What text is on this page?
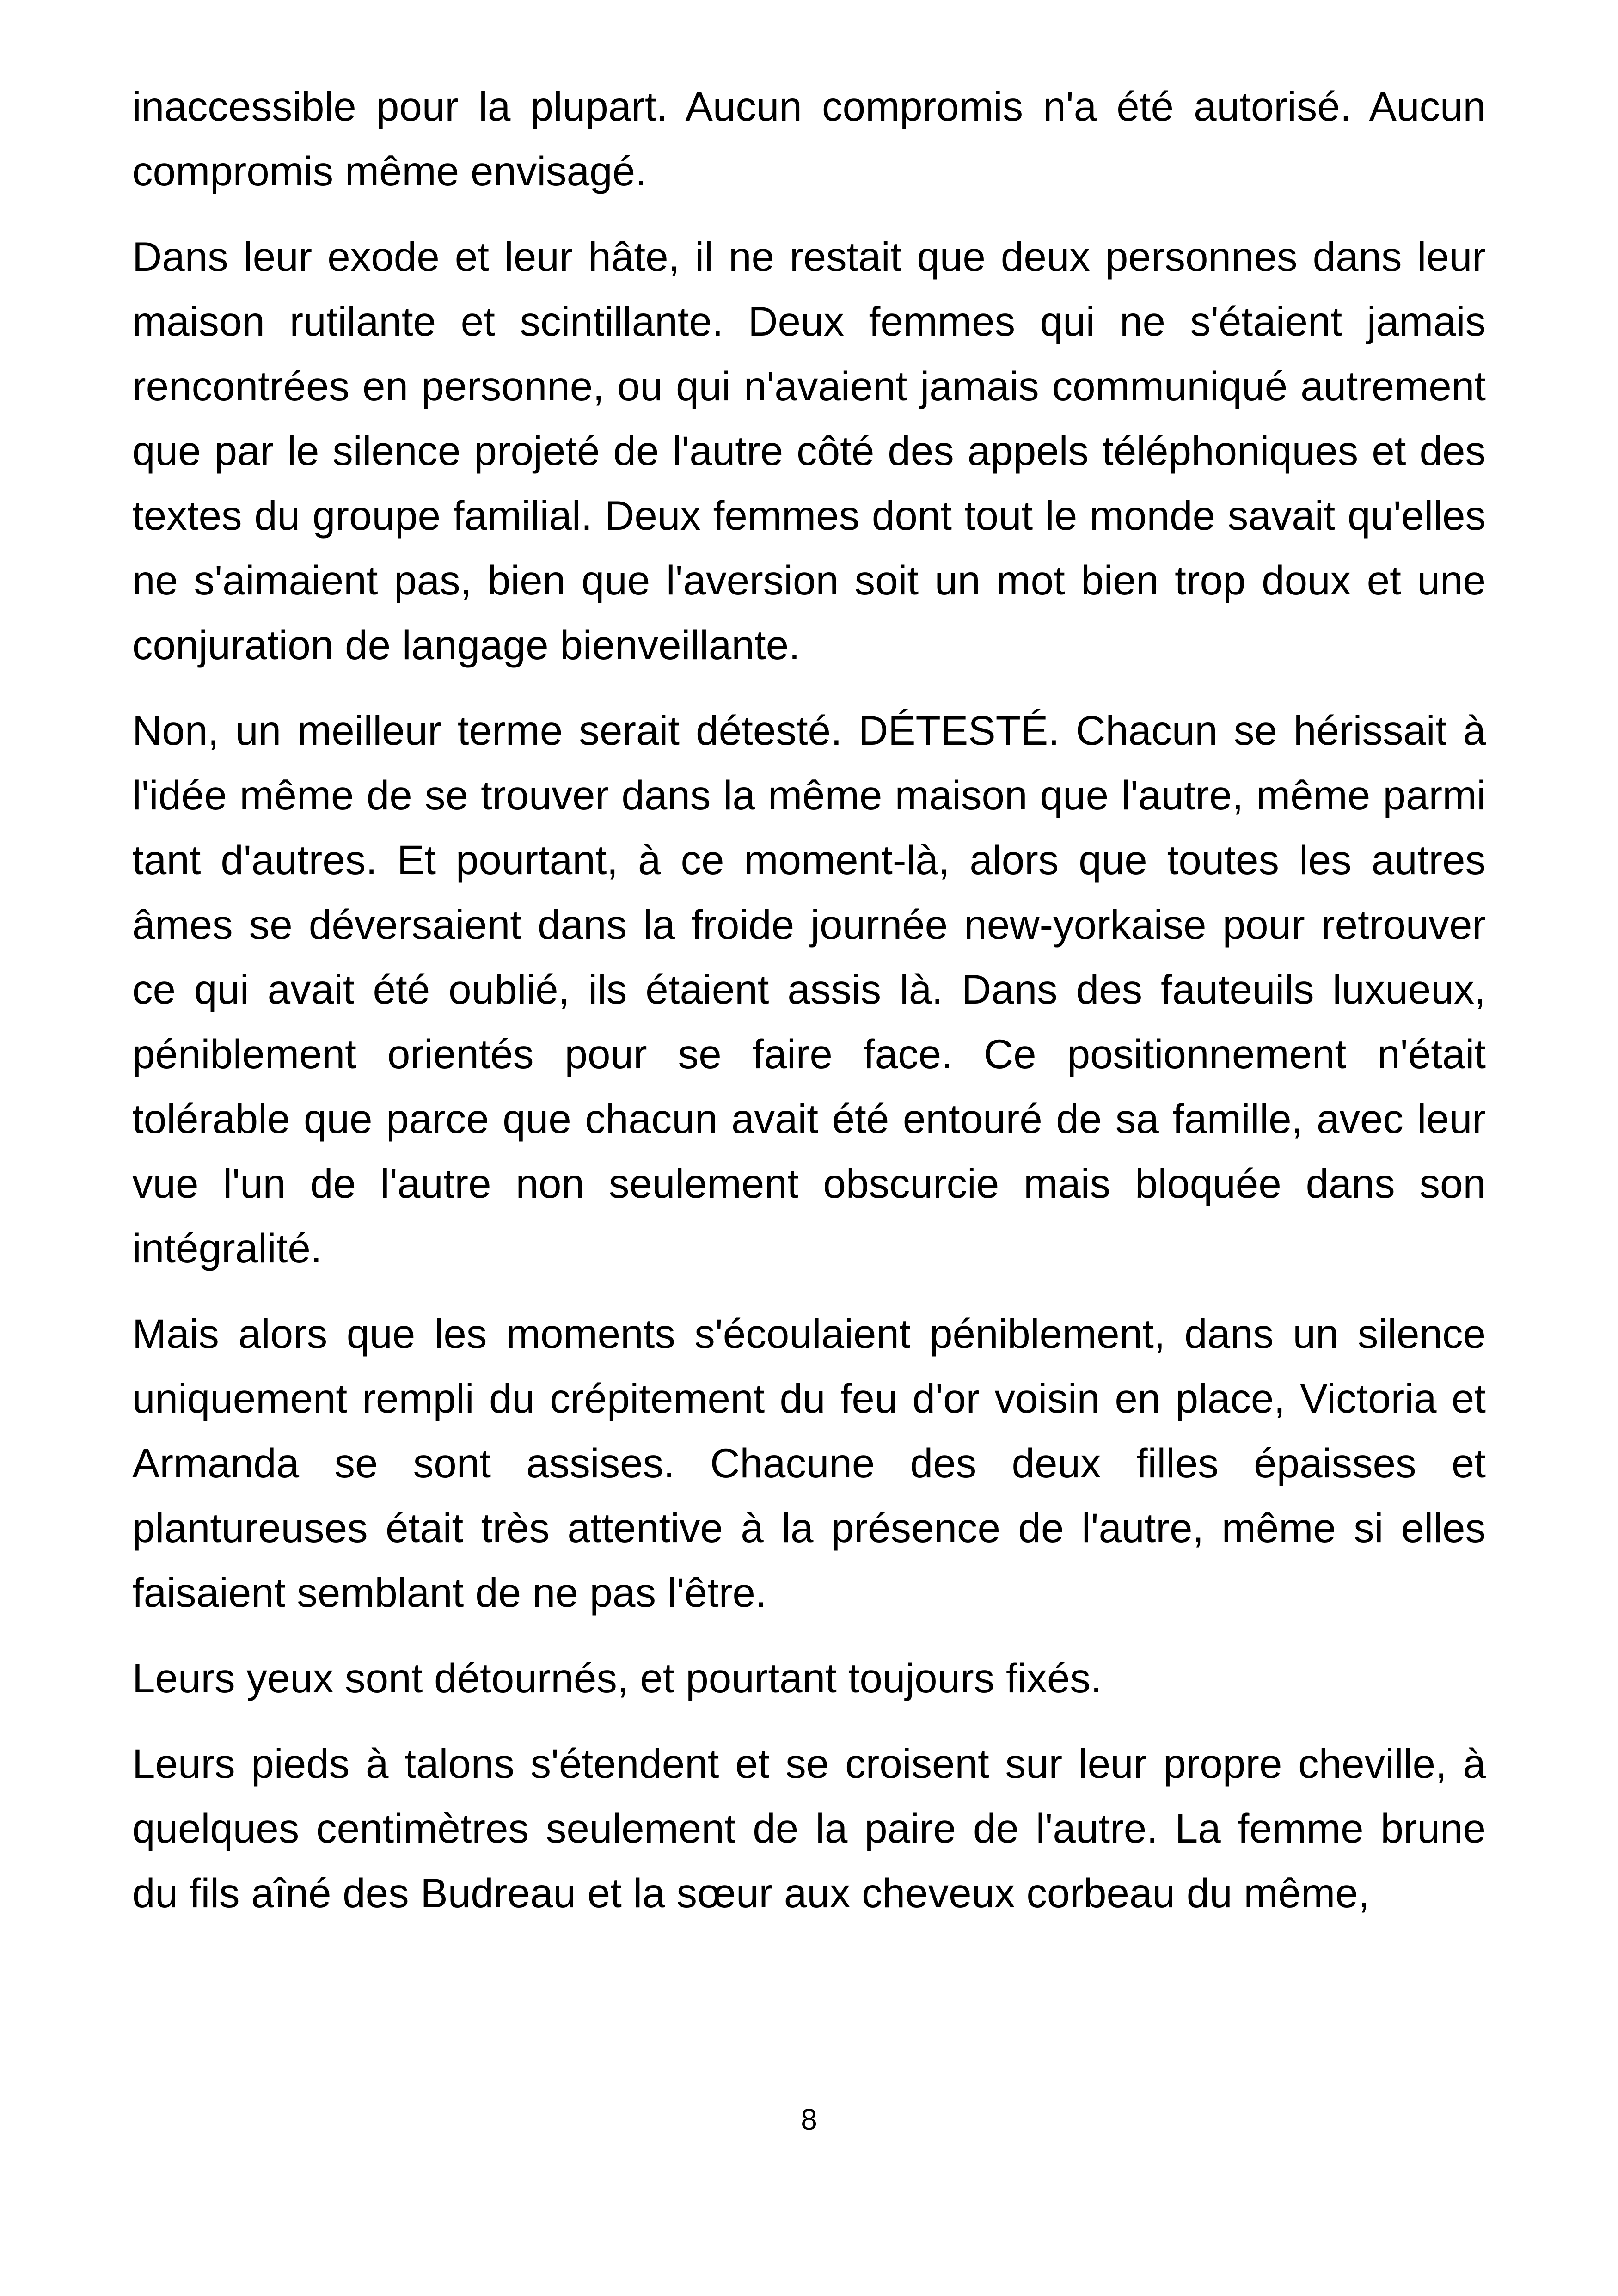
inaccessible pour la plupart. Aucun compromis n'a été autorisé. Aucun compromis même envisagé.

Dans leur exode et leur hâte, il ne restait que deux personnes dans leur maison rutilante et scintillante. Deux femmes qui ne s'étaient jamais rencontrées en personne, ou qui n'avaient jamais communiqué autrement que par le silence projeté de l'autre côté des appels téléphoniques et des textes du groupe familial. Deux femmes dont tout le monde savait qu'elles ne s'aimaient pas, bien que l'aversion soit un mot bien trop doux et une conjuration de langage bienveillante.

Non, un meilleur terme serait détesté. DÉTESTÉ. Chacun se hérissait à l'idée même de se trouver dans la même maison que l'autre, même parmi tant d'autres. Et pourtant, à ce moment-là, alors que toutes les autres âmes se déversaient dans la froide journée new-yorkaise pour retrouver ce qui avait été oublié, ils étaient assis là. Dans des fauteuils luxueux, péniblement orientés pour se faire face. Ce positionnement n'était tolérable que parce que chacun avait été entouré de sa famille, avec leur vue l'un de l'autre non seulement obscurcie mais bloquée dans son intégralité.

Mais alors que les moments s'écoulaient péniblement, dans un silence uniquement rempli du crépitement du feu d'or voisin en place, Victoria et Armanda se sont assises. Chacune des deux filles épaisses et plantureuses était très attentive à la présence de l'autre, même si elles faisaient semblant de ne pas l'être.

Leurs yeux sont détournés, et pourtant toujours fixés.

Leurs pieds à talons s'étendent et se croisent sur leur propre cheville, à quelques centimètres seulement de la paire de l'autre. La femme brune du fils aîné des Budreau et la sœur aux cheveux corbeau du même,

8
